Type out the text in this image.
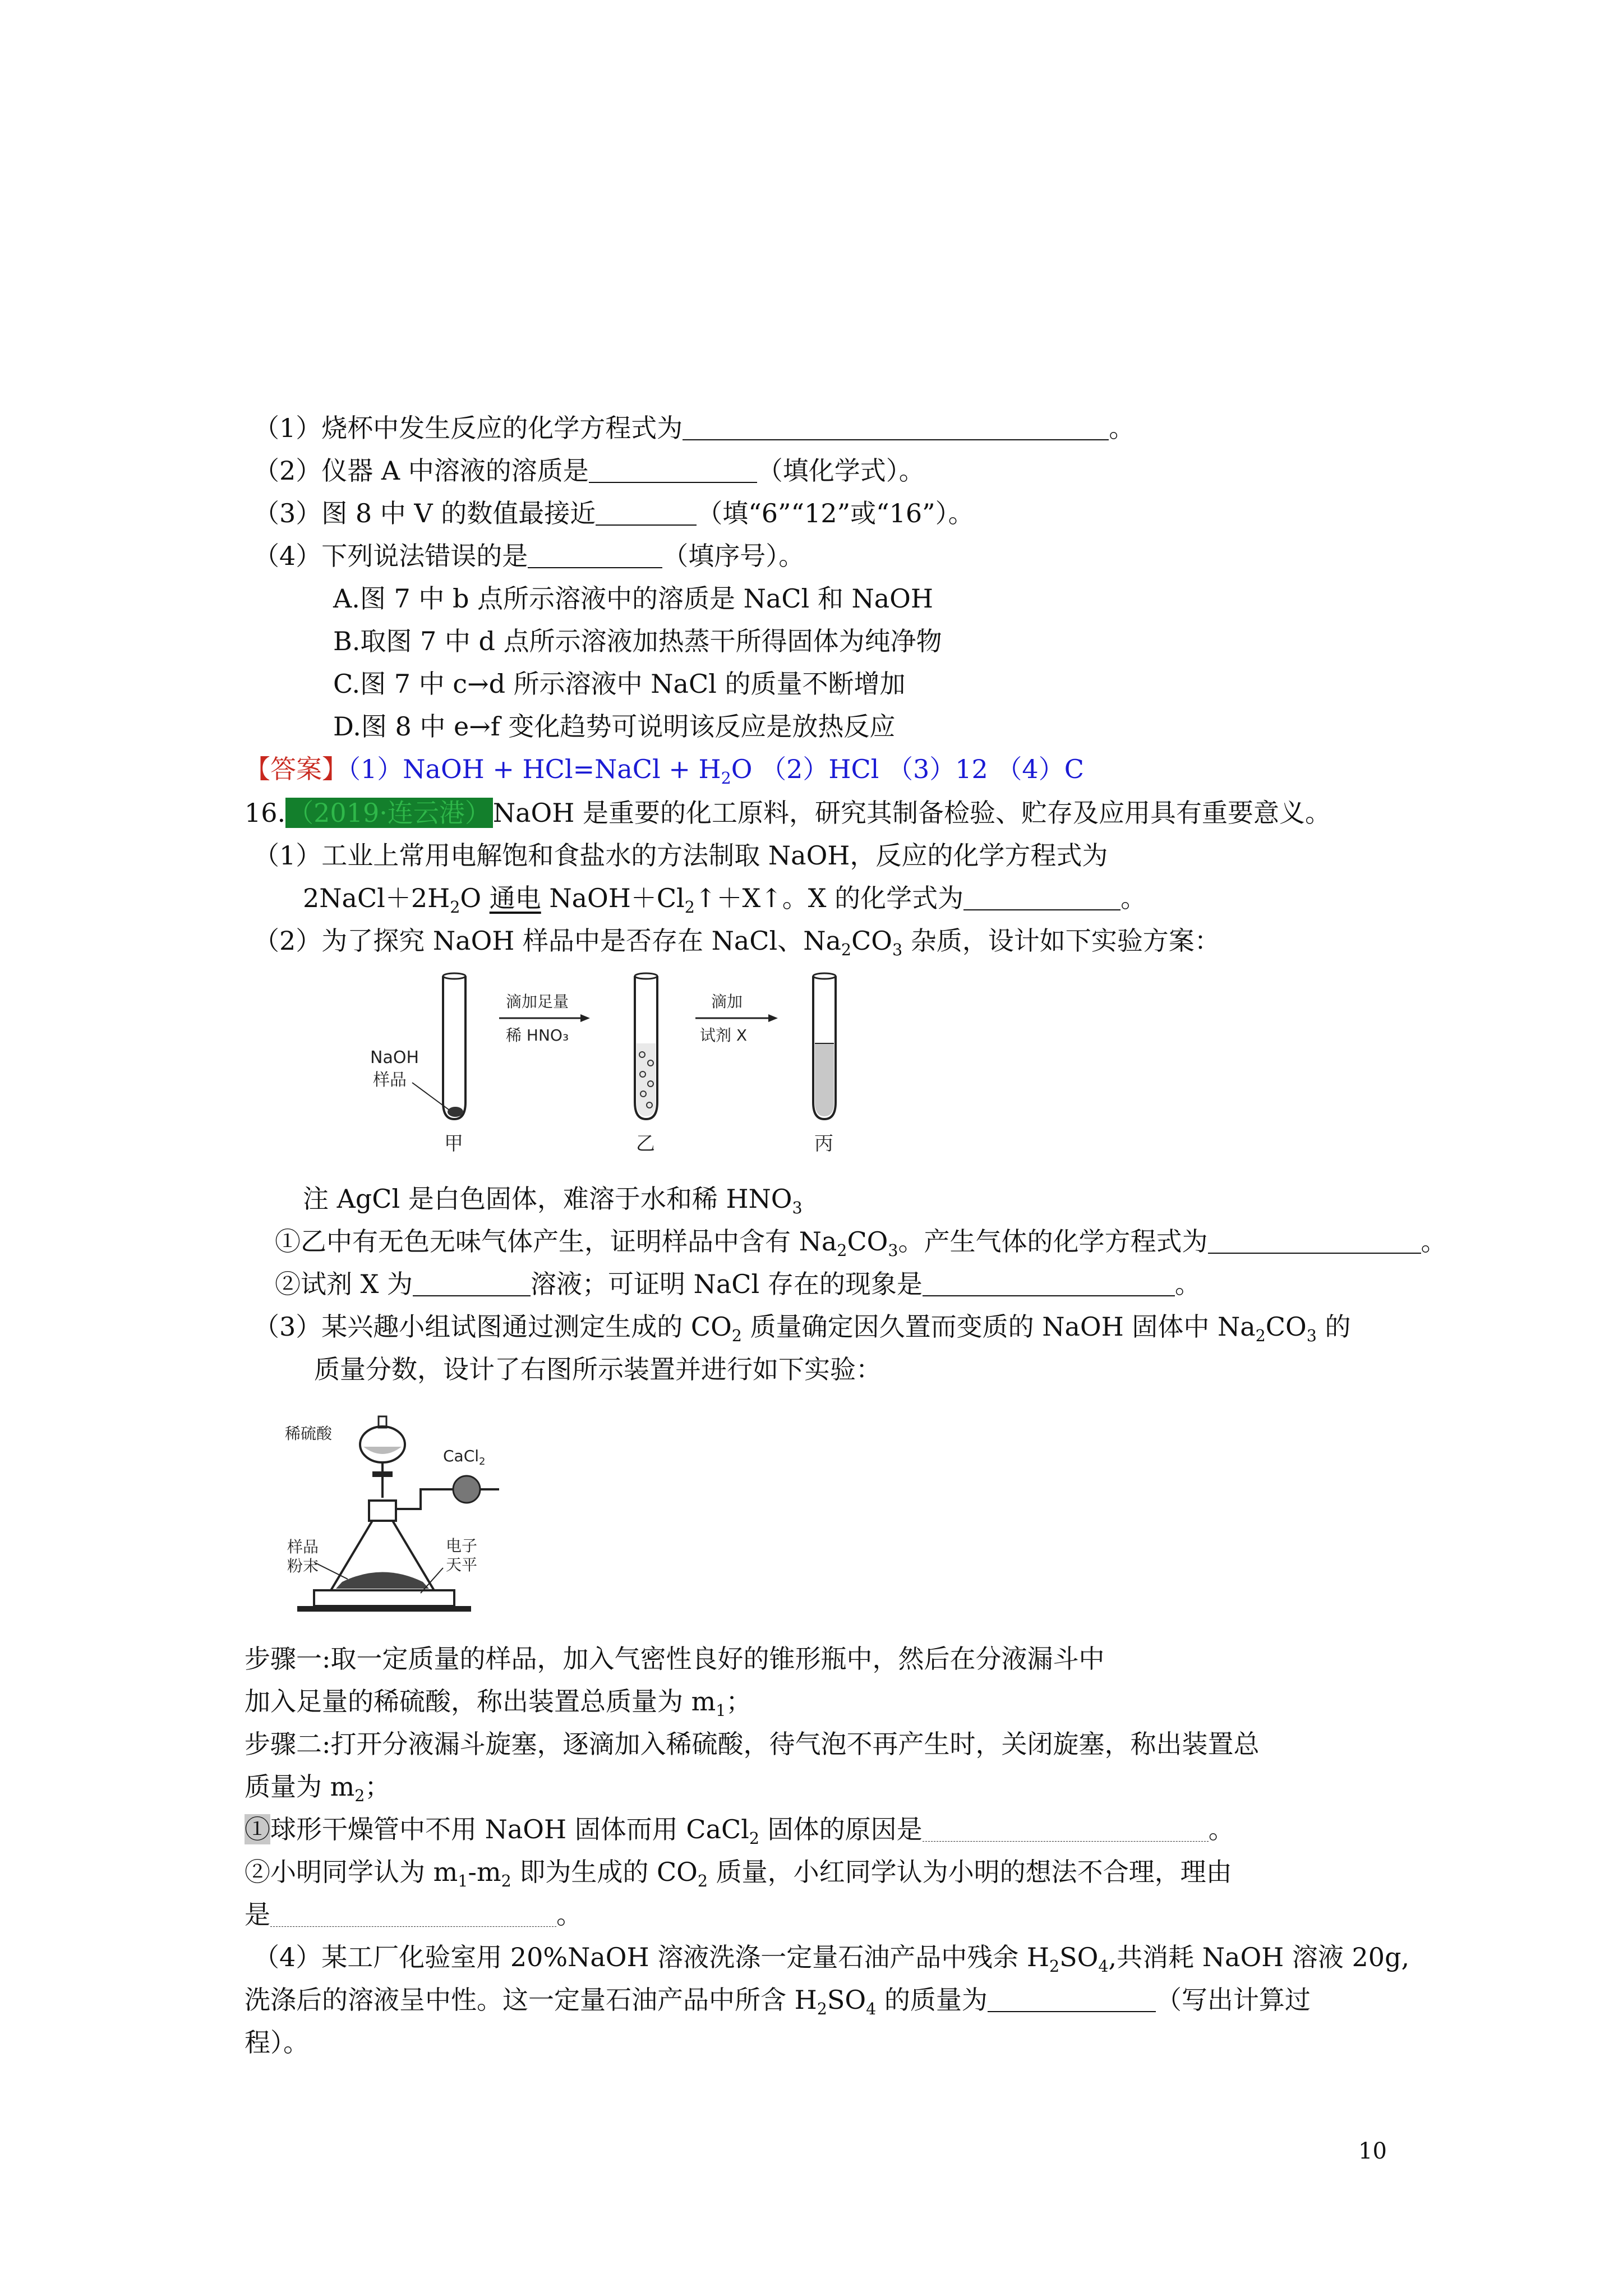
（1）烧杯中发生反应的化学方程式为	。
（2）仪器 A 中溶液的溶质是	（填化学式）。
（3）图 8 中 V 的数值最接近	（填“6”“12”或“16”）。
（4）下列说法错误的是	（填序号）。
A.图 7 中 b 点所示溶液中的溶质是 NaCl 和 NaOH
B.取图 7 中 d 点所示溶液加热蒸干所得固体为纯净物
C.图 7 中 c→d 所示溶液中 NaCl 的质量不断增加
D.图 8 中 e→f 变化趋势可说明该反应是放热反应
【答案】（1）NaOH + HCl=NaCl + $H_2O$ （2）HCl （3）12 （4）C
16.（2019·连云港）NaOH 是重要的化工原料，研究其制备检验、贮存及应用具有重要意义。
（1）工业上常用电解饱和食盐水的方法制取 NaOH，反应的化学方程式为
$2NaCl+2H_2O$ 通电 $NaOH+Cl_2↑+X↑$。X 的化学式为	。
（2）为了探究 NaOH 样品中是否存在 NaCl、$Na_2CO_3$ 杂质，设计如下实验方案：
NaOH
样品
滴加足量
稀 HNO₃
滴加
试剂 X
甲	乙	丙
注 AgCl 是白色固体，难溶于水和稀 $HNO_3$
①乙中有无色无味气体产生，证明样品中含有 $Na_2CO_3$。产生气体的化学方程式为	。
②试剂 X 为	溶液；可证明 NaCl 存在的现象是	。
（3）某兴趣小组试图通过测定生成的 $CO_2$ 质量确定因久置而变质的 NaOH 固体中 $Na_2CO_3$ 的
质量分数，设计了右图所示装置并进行如下实验：
稀硫酸
CaCl$_2$
样品
粉末
电子
天平
步骤一:取一定质量的样品，加入气密性良好的锥形瓶中，然后在分液漏斗中
加入足量的稀硫酸，称出装置总质量为 $m_1$；
步骤二:打开分液漏斗旋塞，逐滴加入稀硫酸，待气泡不再产生时，关闭旋塞，称出装置总
质量为 $m_2$；
①球形干燥管中不用 NaOH 固体而用 CaCl$_2$ 固体的原因是	。
②小明同学认为 $m_1-m_2$ 即为生成的 $CO_2$ 质量，小红同学认为小明的想法不合理，理由
是	。
（4）某工厂化验室用 20%NaOH 溶液洗涤一定量石油产品中残余 $H_2SO_4$,共消耗 NaOH 溶液 20g,
洗涤后的溶液呈中性。这一定量石油产品中所含 $H_2SO_4$ 的质量为	（写出计算过
程）。
10
